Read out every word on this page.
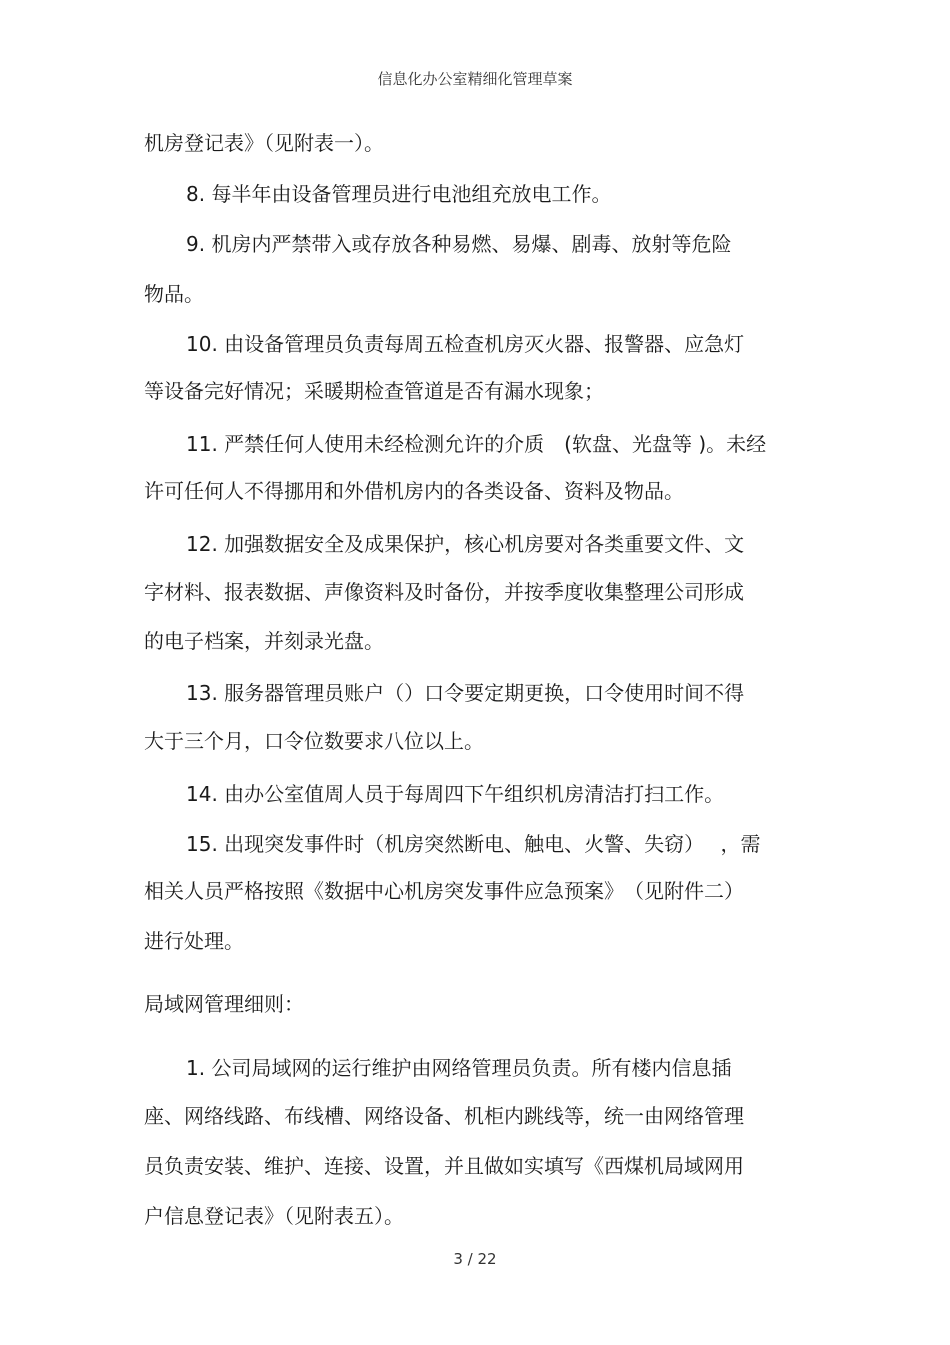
信息化办公室精细化管理草案
机房登记表》（见附表一）。
8. 每半年由设备管理员进行电池组充放电工作。
9. 机房内严禁带入或存放各种易燃、易爆、剧毒、放射等危险
物品。
10. 由设备管理员负责每周五检查机房灭火器、报警器、应急灯
等设备完好情况；采暖期检查管道是否有漏水现象；
11. 严禁任何人使用未经检测允许的介质　(软盘、光盘等 )。未经
许可任何人不得挪用和外借机房内的各类设备、资料及物品。
12. 加强数据安全及成果保护，核心机房要对各类重要文件、文
字材料、报表数据、声像资料及时备份，并按季度收集整理公司形成
的电子档案，并刻录光盘。
13. 服务器管理员账户（）口令要定期更换，口令使用时间不得
大于三个月，口令位数要求八位以上。
14. 由办公室值周人员于每周四下午组织机房清洁打扫工作。
15. 出现突发事件时（机房突然断电、触电、火警、失窃）　 ，需
相关人员严格按照《数据中心机房突发事件应急预案》　（见附件二）
进行处理。
局域网管理细则：
1. 公司局域网的运行维护由网络管理员负责。所有楼内信息插
座、网络线路、布线槽、网络设备、机柜内跳线等，统一由网络管理
员负责安装、维护、连接、设置，并且做如实填写《西煤机局域网用
户信息登记表》（见附表五）。
3 / 22
